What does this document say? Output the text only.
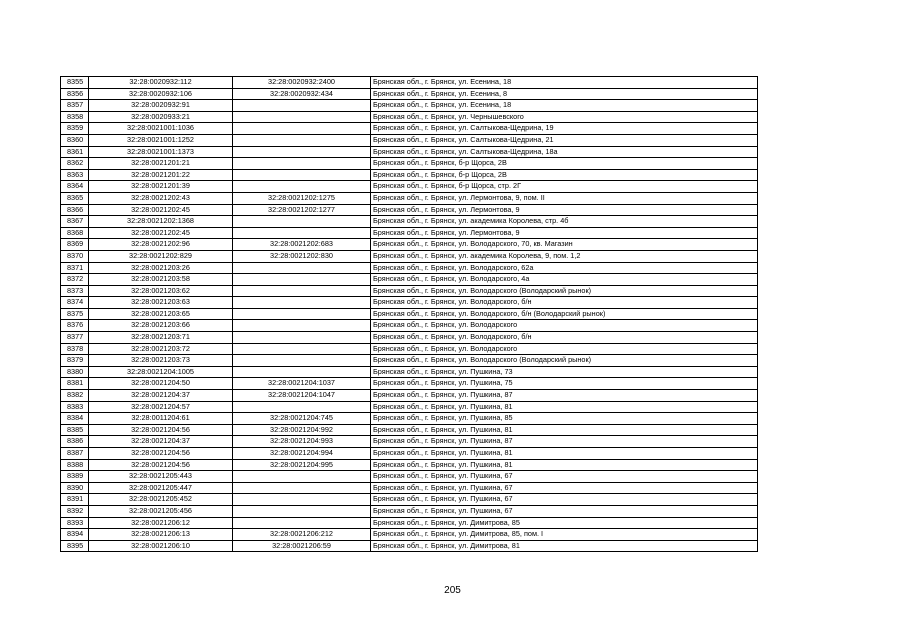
8355	32:28:0020932:112	32:28:0020932:2400	Брянская обл., г. Брянск, ул. Есенина, 18
8356	32:28:0020932:106	32:28:0020932:434	Брянская обл., г. Брянск, ул. Есенина, 8
8357	32:28:0020932:91		Брянская обл., г. Брянск, ул. Есенина, 18
8358	32:28:0020933:21		Брянская обл., г. Брянск, ул. Чернышевского
8359	32:28:0021001:1036		Брянская обл., г. Брянск, ул. Салтыкова-Щедрина, 19
8360	32:28:0021001:1252		Брянская обл., г. Брянск, ул. Салтыкова-Щедрина, 21
8361	32:28:0021001:1373		Брянская обл., г. Брянск, ул. Салтыкова-Щедрина, 18а
8362	32:28:0021201:21		Брянская обл., г. Брянск, б-р Щорса, 2В
8363	32:28:0021201:22		Брянская обл., г. Брянск, б-р Щорса, 2В
8364	32:28:0021201:39		Брянская обл., г. Брянск, б-р Щорса, стр. 2Г
8365	32:28:0021202:43	32:28:0021202:1275	Брянская обл., г. Брянск, ул. Лермонтова, 9, пом. II
8366	32:28:0021202:45	32:28:0021202:1277	Брянская обл., г. Брянск, ул. Лермонтова, 9
8367	32:28:0021202:1368		Брянская обл., г. Брянск, ул. академика Королева, стр. 4б
8368	32:28:0021202:45		Брянская обл., г. Брянск, ул. Лермонтова, 9
8369	32:28:0021202:96	32:28:0021202:683	Брянская обл., г. Брянск, ул. Володарского, 70, кв. Магазин
8370	32:28:0021202:829	32:28:0021202:830	Брянская обл., г. Брянск, ул. академика Королева, 9, пом. 1,2
8371	32:28:0021203:26		Брянская обл., г. Брянск, ул. Володарского, 62а
8372	32:28:0021203:58		Брянская обл., г. Брянск, ул. Володарского, 4а
8373	32:28:0021203:62		Брянская обл., г. Брянск, ул. Володарского (Володарский рынок)
8374	32:28:0021203:63		Брянская обл., г. Брянск, ул. Володарского, б/н
8375	32:28:0021203:65		Брянская обл., г. Брянск, ул. Володарского, б/н (Володарский рынок)
8376	32:28:0021203:66		Брянская обл., г. Брянск, ул. Володарского
8377	32:28:0021203:71		Брянская обл., г. Брянск, ул. Володарского, б/н
8378	32:28:0021203:72		Брянская обл., г. Брянск, ул. Володарского
8379	32:28:0021203:73		Брянская обл., г. Брянск, ул. Володарского (Володарский рынок)
8380	32:28:0021204:1005		Брянская обл., г. Брянск, ул. Пушкина, 73
8381	32:28:0021204:50	32:28:0021204:1037	Брянская обл., г. Брянск, ул. Пушкина, 75
8382	32:28:0021204:37	32:28:0021204:1047	Брянская обл., г. Брянск, ул. Пушкина, 87
8383	32:28:0021204:57		Брянская обл., г. Брянск, ул. Пушкина, 81
8384	32:28:0011204:61	32:28:0021204:745	Брянская обл., г. Брянск, ул. Пушкина, 85
8385	32:28:0021204:56	32:28:0021204:992	Брянская обл., г. Брянск, ул. Пушкина, 81
8386	32:28:0021204:37	32:28:0021204:993	Брянская обл., г. Брянск, ул. Пушкина, 87
8387	32:28:0021204:56	32:28:0021204:994	Брянская обл., г. Брянск, ул. Пушкина, 81
8388	32:28:0021204:56	32:28:0021204:995	Брянская обл., г. Брянск, ул. Пушкина, 81
8389	32:28:0021205:443		Брянская обл., г. Брянск, ул. Пушкина, 67
8390	32:28:0021205:447		Брянская обл., г. Брянск, ул. Пушкина, 67
8391	32:28:0021205:452		Брянская обл., г. Брянск, ул. Пушкина, 67
8392	32:28:0021205:456		Брянская обл., г. Брянск, ул. Пушкина, 67
8393	32:28:0021206:12		Брянская обл., г. Брянск, ул. Димитрова, 85
8394	32:28:0021206:13	32:28:0021206:212	Брянская обл., г. Брянск, ул. Димитрова, 85, пом. I
8395	32:28:0021206:10	32:28:0021206:59	Брянская обл., г. Брянск, ул. Димитрова, 81
205
